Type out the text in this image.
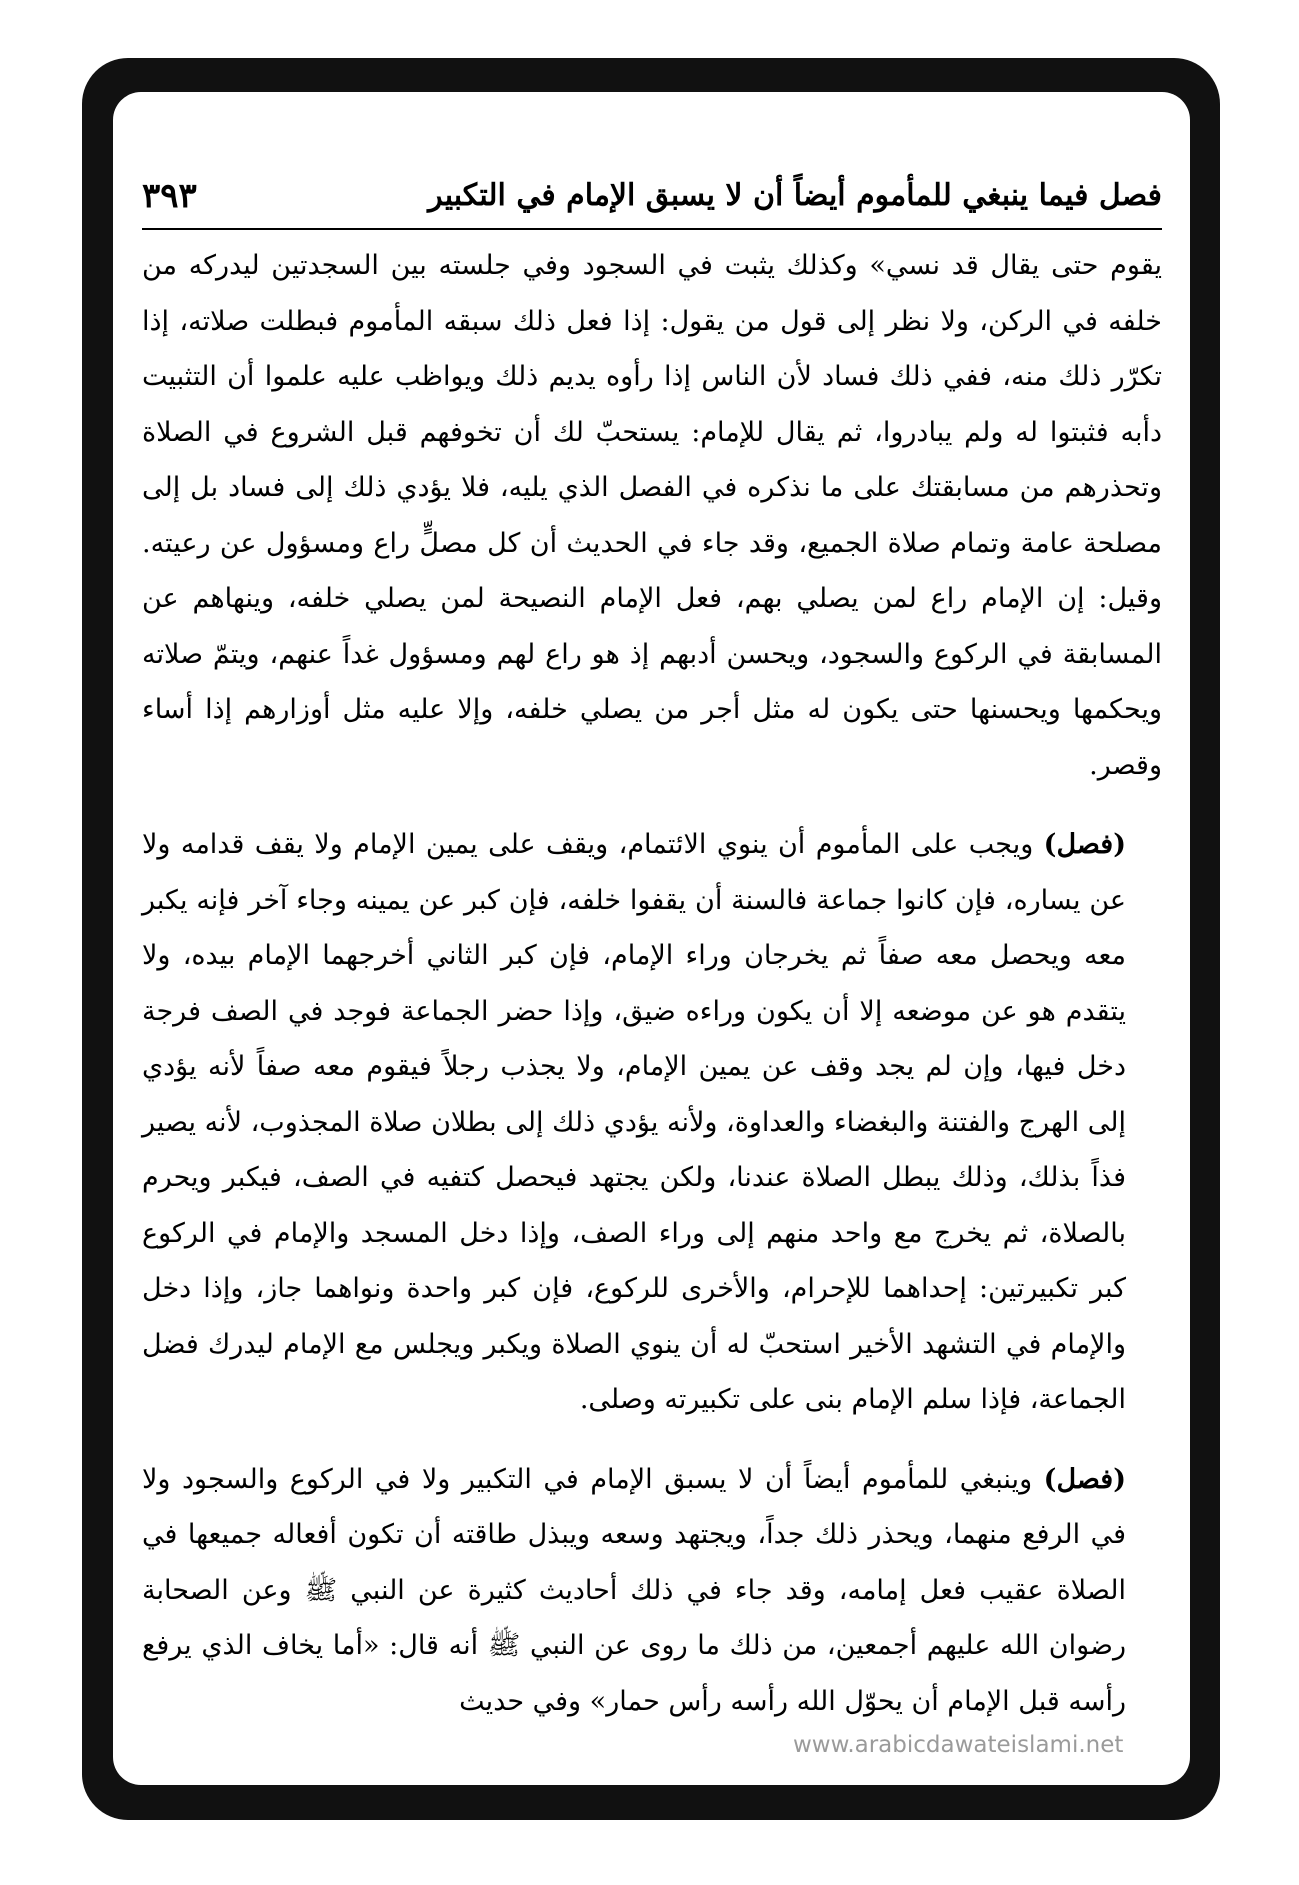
فصل فيما ينبغي للمأموم أيضاً أن لا يسبق الإمام في التكبير
٣٩٣

يقوم حتى يقال قد نسي» وكذلك يثبت في السجود وفي جلسته بين السجدتين ليدركه من خلفه في الركن، ولا نظر إلى قول من يقول: إذا فعل ذلك سبقه المأموم فبطلت صلاته، إذا تكرّر ذلك منه، ففي ذلك فساد لأن الناس إذا رأوه يديم ذلك ويواظب عليه علموا أن التثبيت دأبه فثبتوا له ولم يبادروا، ثم يقال للإمام: يستحبّ لك أن تخوفهم قبل الشروع في الصلاة وتحذرهم من مسابقتك على ما نذكره في الفصل الذي يليه، فلا يؤدي ذلك إلى فساد بل إلى مصلحة عامة وتمام صلاة الجميع، وقد جاء في الحديث أن كل مصلٍّ راع ومسؤول عن رعيته. وقيل: إن الإمام راع لمن يصلي بهم، فعل الإمام النصيحة لمن يصلي خلفه، وينهاهم عن المسابقة في الركوع والسجود، ويحسن أدبهم إذ هو راع لهم ومسؤول غداً عنهم، ويتمّ صلاته ويحكمها ويحسنها حتى يكون له مثل أجر من يصلي خلفه، وإلا عليه مثل أوزارهم إذا أساء وقصر.

(فصل) ويجب على المأموم أن ينوي الائتمام، ويقف على يمين الإمام ولا يقف قدامه ولا عن يساره، فإن كانوا جماعة فالسنة أن يقفوا خلفه، فإن كبر عن يمينه وجاء آخر فإنه يكبر معه ويحصل معه صفاً ثم يخرجان وراء الإمام، فإن كبر الثاني أخرجهما الإمام بيده، ولا يتقدم هو عن موضعه إلا أن يكون وراءه ضيق، وإذا حضر الجماعة فوجد في الصف فرجة دخل فيها، وإن لم يجد وقف عن يمين الإمام، ولا يجذب رجلاً فيقوم معه صفاً لأنه يؤدي إلى الهرج والفتنة والبغضاء والعداوة، ولأنه يؤدي ذلك إلى بطلان صلاة المجذوب، لأنه يصير فذاً بذلك، وذلك يبطل الصلاة عندنا، ولكن يجتهد فيحصل كتفيه في الصف، فيكبر ويحرم بالصلاة، ثم يخرج مع واحد منهم إلى وراء الصف، وإذا دخل المسجد والإمام في الركوع كبر تكبيرتين: إحداهما للإحرام، والأخرى للركوع، فإن كبر واحدة ونواهما جاز، وإذا دخل والإمام في التشهد الأخير استحبّ له أن ينوي الصلاة ويكبر ويجلس مع الإمام ليدرك فضل الجماعة، فإذا سلم الإمام بنى على تكبيرته وصلى.

(فصل) وينبغي للمأموم أيضاً أن لا يسبق الإمام في التكبير ولا في الركوع والسجود ولا في الرفع منهما، ويحذر ذلك جداً، ويجتهد وسعه ويبذل طاقته أن تكون أفعاله جميعها في الصلاة عقيب فعل إمامه، وقد جاء في ذلك أحاديث كثيرة عن النبي ﷺ وعن الصحابة رضوان الله عليهم أجمعين، من ذلك ما روى عن النبي ﷺ أنه قال: «أما يخاف الذي يرفع رأسه قبل الإمام أن يحوّل الله رأسه رأس حمار» وفي حديث

www.arabicdawateislami.net
